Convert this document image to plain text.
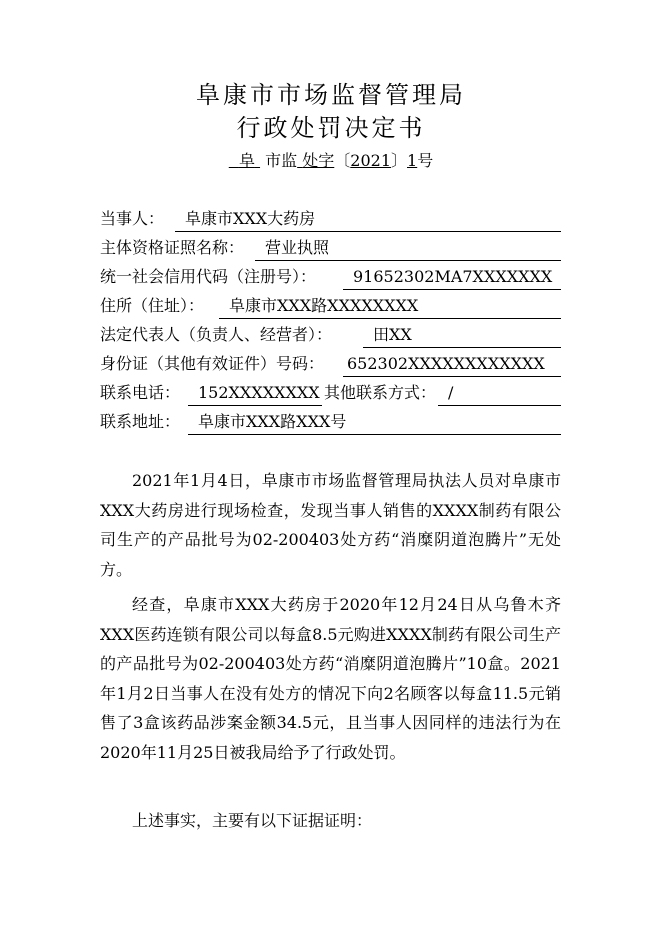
阜康市市场监督管理局
行政处罚决定书
阜 市监 处字〔2021〕1号
当事人：	阜康市XXX大药房
主体资格证照名称：	营业执照
统一社会信用代码（注册号）：	91652302MA7XXXXXXX
住所（住址）：	阜康市XXX路XXXXXXXX
法定代表人（负责人、经营者）：	田XX
身份证（其他有效证件）号码： 652302XXXXXXXXXXXX
联系电话：	152XXXXXXXX 其他联系方式： /
联系地址：	阜康市XXX路XXX号

2021年1月4日，阜康市市场监督管理局执法人员对阜康市XXX大药房进行现场检查，发现当事人销售的XXXX制药有限公司生产的产品批号为02-200403处方药“消糜阴道泡腾片”无处方。

经查，阜康市XXX大药房于2020年12月24日从乌鲁木齐XXX医药连锁有限公司以每盒8.5元购进XXXX制药有限公司生产的产品批号为02-200403处方药“消糜阴道泡腾片”10盒。2021年1月2日当事人在没有处方的情况下向2名顾客以每盒11.5元销售了3盒该药品涉案金额34.5元，且当事人因同样的违法行为在2020年11月25日被我局给予了行政处罚。

上述事实，主要有以下证据证明：
